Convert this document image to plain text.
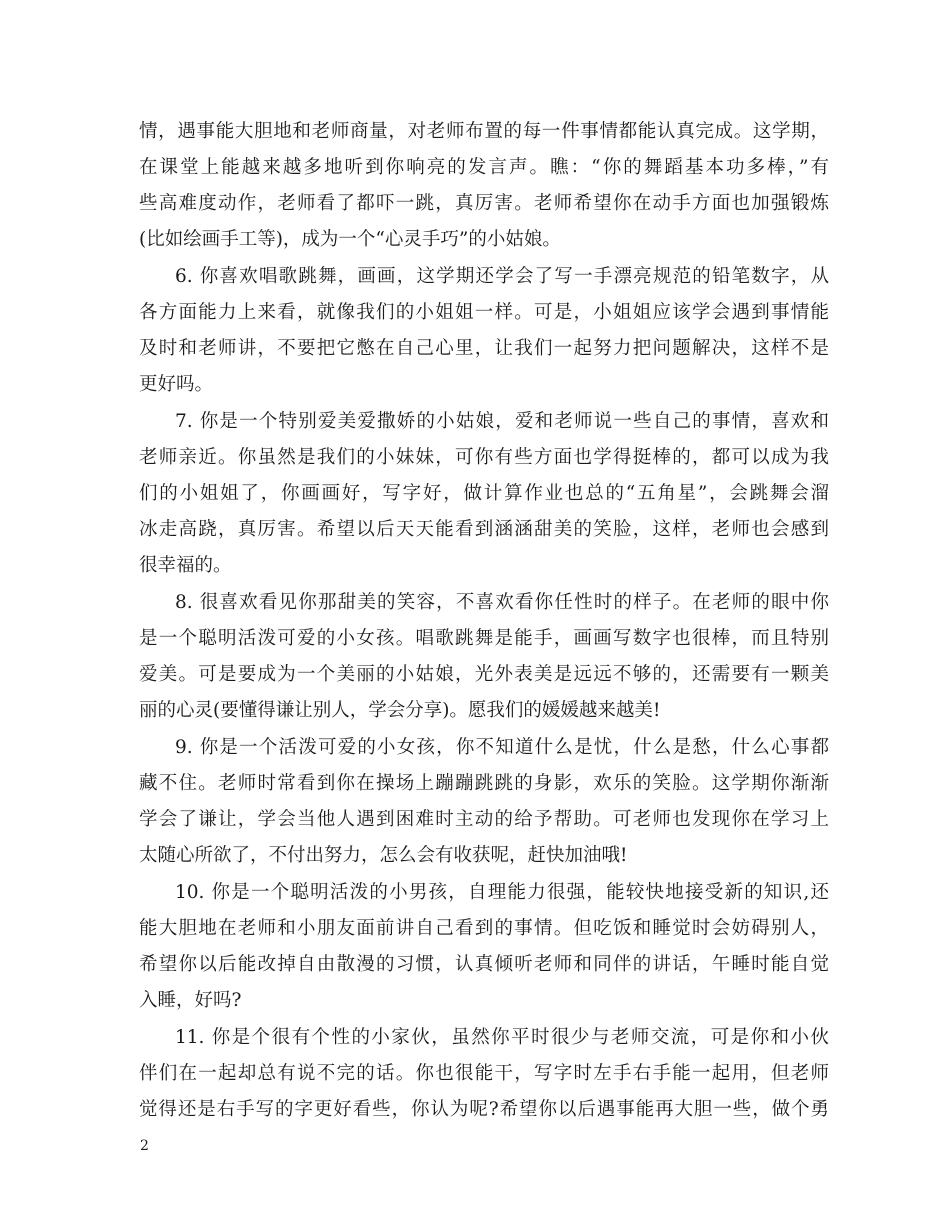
情，遇事能大胆地和老师商量，对老师布置的每一件事情都能认真完成。这学期，
在课堂上能越来越多地听到你响亮的发言声。瞧：“你的舞蹈基本功多棒，”有
些高难度动作，老师看了都吓一跳，真厉害。老师希望你在动手方面也加强锻炼
(比如绘画手工等)，成为一个“心灵手巧”的小姑娘。
6. 你喜欢唱歌跳舞，画画，这学期还学会了写一手漂亮规范的铅笔数字，从
各方面能力上来看，就像我们的小姐姐一样。可是，小姐姐应该学会遇到事情能
及时和老师讲，不要把它憋在自己心里，让我们一起努力把问题解决，这样不是
更好吗。
7. 你是一个特别爱美爱撒娇的小姑娘，爱和老师说一些自己的事情，喜欢和
老师亲近。你虽然是我们的小妹妹，可你有些方面也学得挺棒的，都可以成为我
们的小姐姐了，你画画好，写字好，做计算作业也总的“五角星”，会跳舞会溜
冰走高跷，真厉害。希望以后天天能看到涵涵甜美的笑脸，这样，老师也会感到
很幸福的。
8. 很喜欢看见你那甜美的笑容，不喜欢看你任性时的样子。在老师的眼中你
是一个聪明活泼可爱的小女孩。唱歌跳舞是能手，画画写数字也很棒，而且特别
爱美。可是要成为一个美丽的小姑娘，光外表美是远远不够的，还需要有一颗美
丽的心灵(要懂得谦让别人，学会分享)。愿我们的媛媛越来越美!
9. 你是一个活泼可爱的小女孩，你不知道什么是忧，什么是愁，什么心事都
藏不住。老师时常看到你在操场上蹦蹦跳跳的身影，欢乐的笑脸。这学期你渐渐
学会了谦让，学会当他人遇到困难时主动的给予帮助。可老师也发现你在学习上
太随心所欲了，不付出努力，怎么会有收获呢，赶快加油哦!
10. 你是一个聪明活泼的小男孩，自理能力很强，能较快地接受新的知识,还
能大胆地在老师和小朋友面前讲自己看到的事情。但吃饭和睡觉时会妨碍别人，
希望你以后能改掉自由散漫的习惯，认真倾听老师和同伴的讲话，午睡时能自觉
入睡，好吗?
11. 你是个很有个性的小家伙，虽然你平时很少与老师交流，可是你和小伙
伴们在一起却总有说不完的话。你也很能干，写字时左手右手能一起用，但老师
觉得还是右手写的字更好看些，你认为呢?希望你以后遇事能再大胆一些，做个勇
2
